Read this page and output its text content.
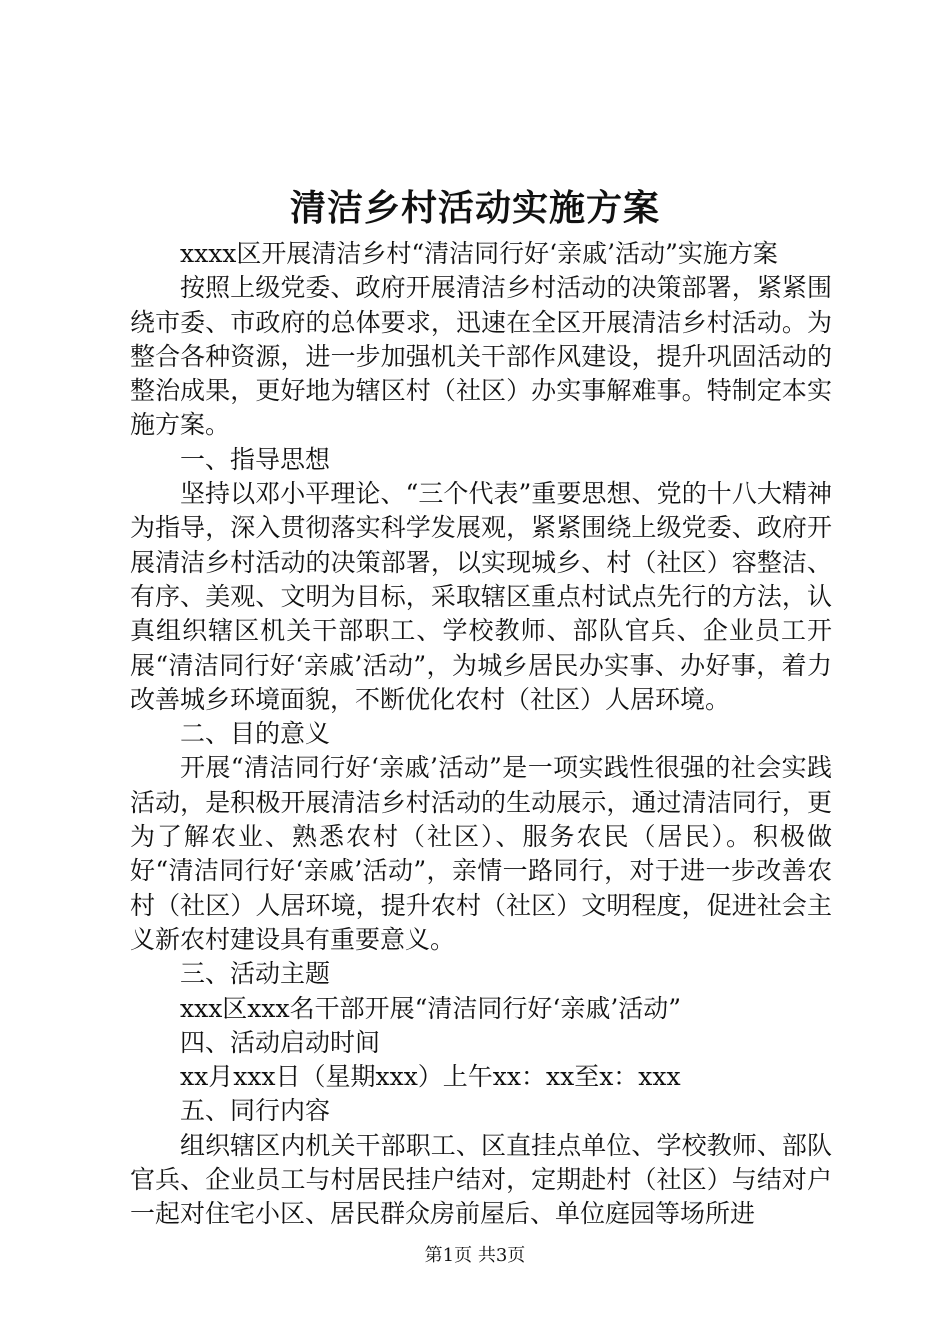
清洁乡村活动实施方案

xxxx区开展清洁乡村“清洁同行好‘亲戚’活动”实施方案

按照上级党委、政府开展清洁乡村活动的决策部署，紧紧围绕市委、市政府的总体要求，迅速在全区开展清洁乡村活动。为整合各种资源，进一步加强机关干部作风建设，提升巩固活动的整治成果，更好地为辖区村（社区）办实事解难事。特制定本实施方案。

一、指导思想

坚持以邓小平理论、“三个代表”重要思想、党的十八大精神为指导，深入贯彻落实科学发展观，紧紧围绕上级党委、政府开展清洁乡村活动的决策部署，以实现城乡、村（社区）容整洁、有序、美观、文明为目标，采取辖区重点村试点先行的方法，认真组织辖区机关干部职工、学校教师、部队官兵、企业员工开展“清洁同行好‘亲戚’活动”，为城乡居民办实事、办好事，着力改善城乡环境面貌，不断优化农村（社区）人居环境。

二、目的意义

开展“清洁同行好‘亲戚’活动”是一项实践性很强的社会实践活动，是积极开展清洁乡村活动的生动展示，通过清洁同行，更为了解农业、熟悉农村（社区）、服务农民（居民）。积极做好“清洁同行好‘亲戚’活动”，亲情一路同行，对于进一步改善农村（社区）人居环境，提升农村（社区）文明程度，促进社会主义新农村建设具有重要意义。

三、活动主题

xxx区xxx名干部开展“清洁同行好‘亲戚’活动”

四、活动启动时间

xx月xxx日（星期xxx）上午xx：xx至x：xxx

五、同行内容

组织辖区内机关干部职工、区直挂点单位、学校教师、部队官兵、企业员工与村居民挂户结对，定期赴村（社区）与结对户一起对住宅小区、居民群众房前屋后、单位庭园等场所进

第1页 共3页
